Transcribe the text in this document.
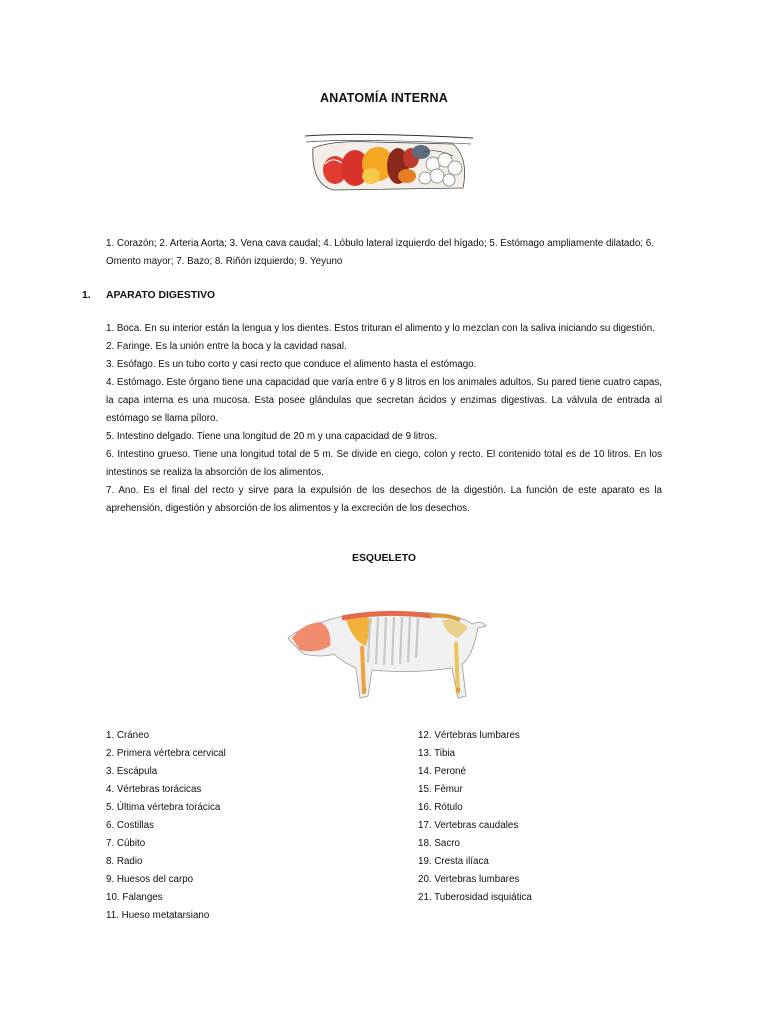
ANATOMÍA INTERNA
1. Corazón; 2. Arteria Aorta; 3. Vena cava caudal; 4. Lóbulo lateral izquierdo del hígado; 5. Estómago ampliamente dilatado; 6. Omento mayor; 7. Bazo; 8. Riñón izquierdo; 9. Yeyuno
1. APARATO DIGESTIVO

1. Boca. En su interior están la lengua y los dientes. Estos trituran el alimento y lo mezclan con la saliva iniciando su digestión.

2. Faringe. Es la unión entre la boca y la cavidad nasal.

3. Esófago. Es un tubo corto y casi recto que conduce el alimento hasta el estómago.

4. Estómago. Este órgano tiene una capacidad que varía entre 6 y 8 litros en los animales adultos. Su pared tiene cuatro capas, la capa interna es una mucosa. Esta posee glándulas que secretan ácidos y enzimas digestivas. La válvula de entrada al estómago se llama píloro.

5. Intestino delgado. Tiene una longitud de 20 m y una capacidad de 9 litros.

6. Intestino grueso. Tiene una longitud total de 5 m. Se divide en ciego, colon y recto. El contenido total es de 10 litros. En los intestinos se realiza la absorción de los alimentos.

7. Ano. Es el final del recto y sirve para la expulsión de los desechos de la digestión. La función de este aparato es la aprehensión, digestión y absorción de los alimentos y la excreción de los desechos.

ESQUELETO
1. Cráneo
2. Primera vértebra cervical
3. Escápula
4. Vértebras torácicas
5. Última vértebra torácica
6. Costillas
7. Cúbito
8. Radio
9. Huesos del carpo
10. Falanges
11. Hueso metatarsiano
12. Vértebras lumbares
13. Tibia
14. Peroné
15. Fémur
16. Rótulo
17. Vertebras caudales
18. Sacro
19. Cresta ilíaca
20. Vertebras lumbares
21. Tuberosidad isquiática
